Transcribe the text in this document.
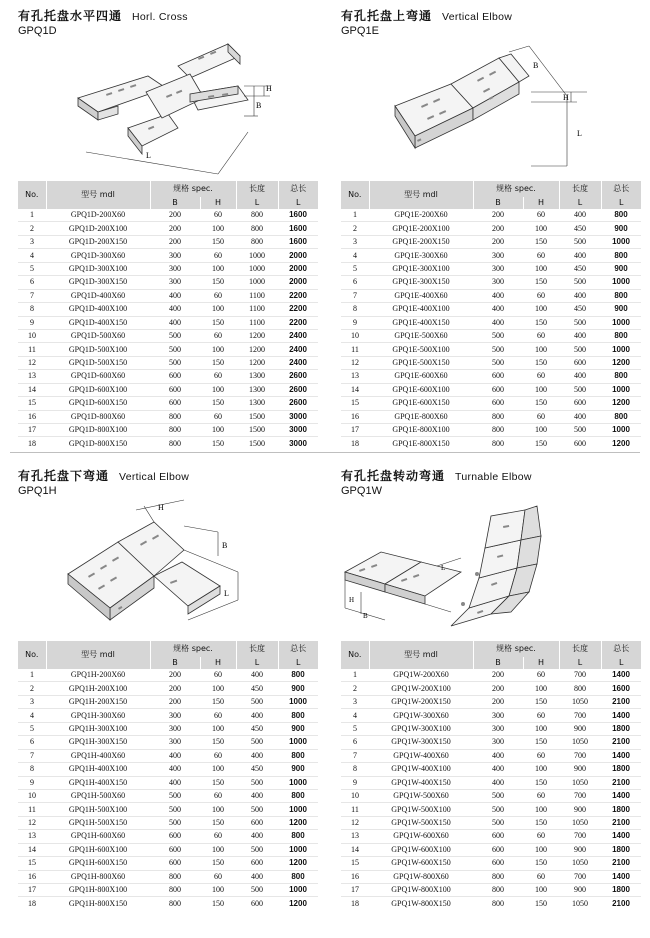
有孔托盘水平四通 Horl. Cross
GPQ1D
H
B
L
No.	型号 mdl	规格 spec.		长度	总长
		B	H	L	L
1	GPQ1D-200X60	200	60	800	1600
2	GPQ1D-200X100	200	100	800	1600
3	GPQ1D-200X150	200	150	800	1600
4	GPQ1D-300X60	300	60	1000	2000
5	GPQ1D-300X100	300	100	1000	2000
6	GPQ1D-300X150	300	150	1000	2000
7	GPQ1D-400X60	400	60	1100	2200
8	GPQ1D-400X100	400	100	1100	2200
9	GPQ1D-400X150	400	150	1100	2200
10	GPQ1D-500X60	500	60	1200	2400
11	GPQ1D-500X100	500	100	1200	2400
12	GPQ1D-500X150	500	150	1200	2400
13	GPQ1D-600X60	600	60	1300	2600
14	GPQ1D-600X100	600	100	1300	2600
15	GPQ1D-600X150	600	150	1300	2600
16	GPQ1D-800X60	800	60	1500	3000
17	GPQ1D-800X100	800	100	1500	3000
18	GPQ1D-800X150	800	150	1500	3000
有孔托盘上弯通 Vertical Elbow
GPQ1E
B
H
L
No.	型号 mdl	规格 spec.		长度	总长
		B	H	L	L
1	GPQ1E-200X60	200	60	400	800
2	GPQ1E-200X100	200	100	450	900
3	GPQ1E-200X150	200	150	500	1000
4	GPQ1E-300X60	300	60	400	800
5	GPQ1E-300X100	300	100	450	900
6	GPQ1E-300X150	300	150	500	1000
7	GPQ1E-400X60	400	60	400	800
8	GPQ1E-400X100	400	100	450	900
9	GPQ1E-400X150	400	150	500	1000
10	GPQ1E-500X60	500	60	400	800
11	GPQ1E-500X100	500	100	500	1000
12	GPQ1E-500X150	500	150	600	1200
13	GPQ1E-600X60	600	60	400	800
14	GPQ1E-600X100	600	100	500	1000
15	GPQ1E-600X150	600	150	600	1200
16	GPQ1E-800X60	800	60	400	800
17	GPQ1E-800X100	800	100	500	1000
18	GPQ1E-800X150	800	150	600	1200
有孔托盘下弯通 Vertical Elbow
GPQ1H
H
B
L
No.	型号 mdl	规格 spec.		长度	总长
		B	H	L	L
1	GPQ1H-200X60	200	60	400	800
2	GPQ1H-200X100	200	100	450	900
3	GPQ1H-200X150	200	150	500	1000
4	GPQ1H-300X60	300	60	400	800
5	GPQ1H-300X100	300	100	450	900
6	GPQ1H-300X150	300	150	500	1000
7	GPQ1H-400X60	400	60	400	800
8	GPQ1H-400X100	400	100	450	900
9	GPQ1H-400X150	400	150	500	1000
10	GPQ1H-500X60	500	60	400	800
11	GPQ1H-500X100	500	100	500	1000
12	GPQ1H-500X150	500	150	600	1200
13	GPQ1H-600X60	600	60	400	800
14	GPQ1H-600X100	600	100	500	1000
15	GPQ1H-600X150	600	150	600	1200
16	GPQ1H-800X60	800	60	400	800
17	GPQ1H-800X100	800	100	500	1000
18	GPQ1H-800X150	800	150	600	1200
有孔托盘转动弯通 Turnable Elbow
GPQ1W
H
B
L
No.	型号 mdl	规格 spec.		长度	总长
		B	H	L	L
1	GPQ1W-200X60	200	60	700	1400
2	GPQ1W-200X100	200	100	800	1600
3	GPQ1W-200X150	200	150	1050	2100
4	GPQ1W-300X60	300	60	700	1400
5	GPQ1W-300X100	300	100	900	1800
6	GPQ1W-300X150	300	150	1050	2100
7	GPQ1W-400X60	400	60	700	1400
8	GPQ1W-400X100	400	100	900	1800
9	GPQ1W-400X150	400	150	1050	2100
10	GPQ1W-500X60	500	60	700	1400
11	GPQ1W-500X100	500	100	900	1800
12	GPQ1W-500X150	500	150	1050	2100
13	GPQ1W-600X60	600	60	700	1400
14	GPQ1W-600X100	600	100	900	1800
15	GPQ1W-600X150	600	150	1050	2100
16	GPQ1W-800X60	800	60	700	1400
17	GPQ1W-800X100	800	100	900	1800
18	GPQ1W-800X150	800	150	1050	2100
